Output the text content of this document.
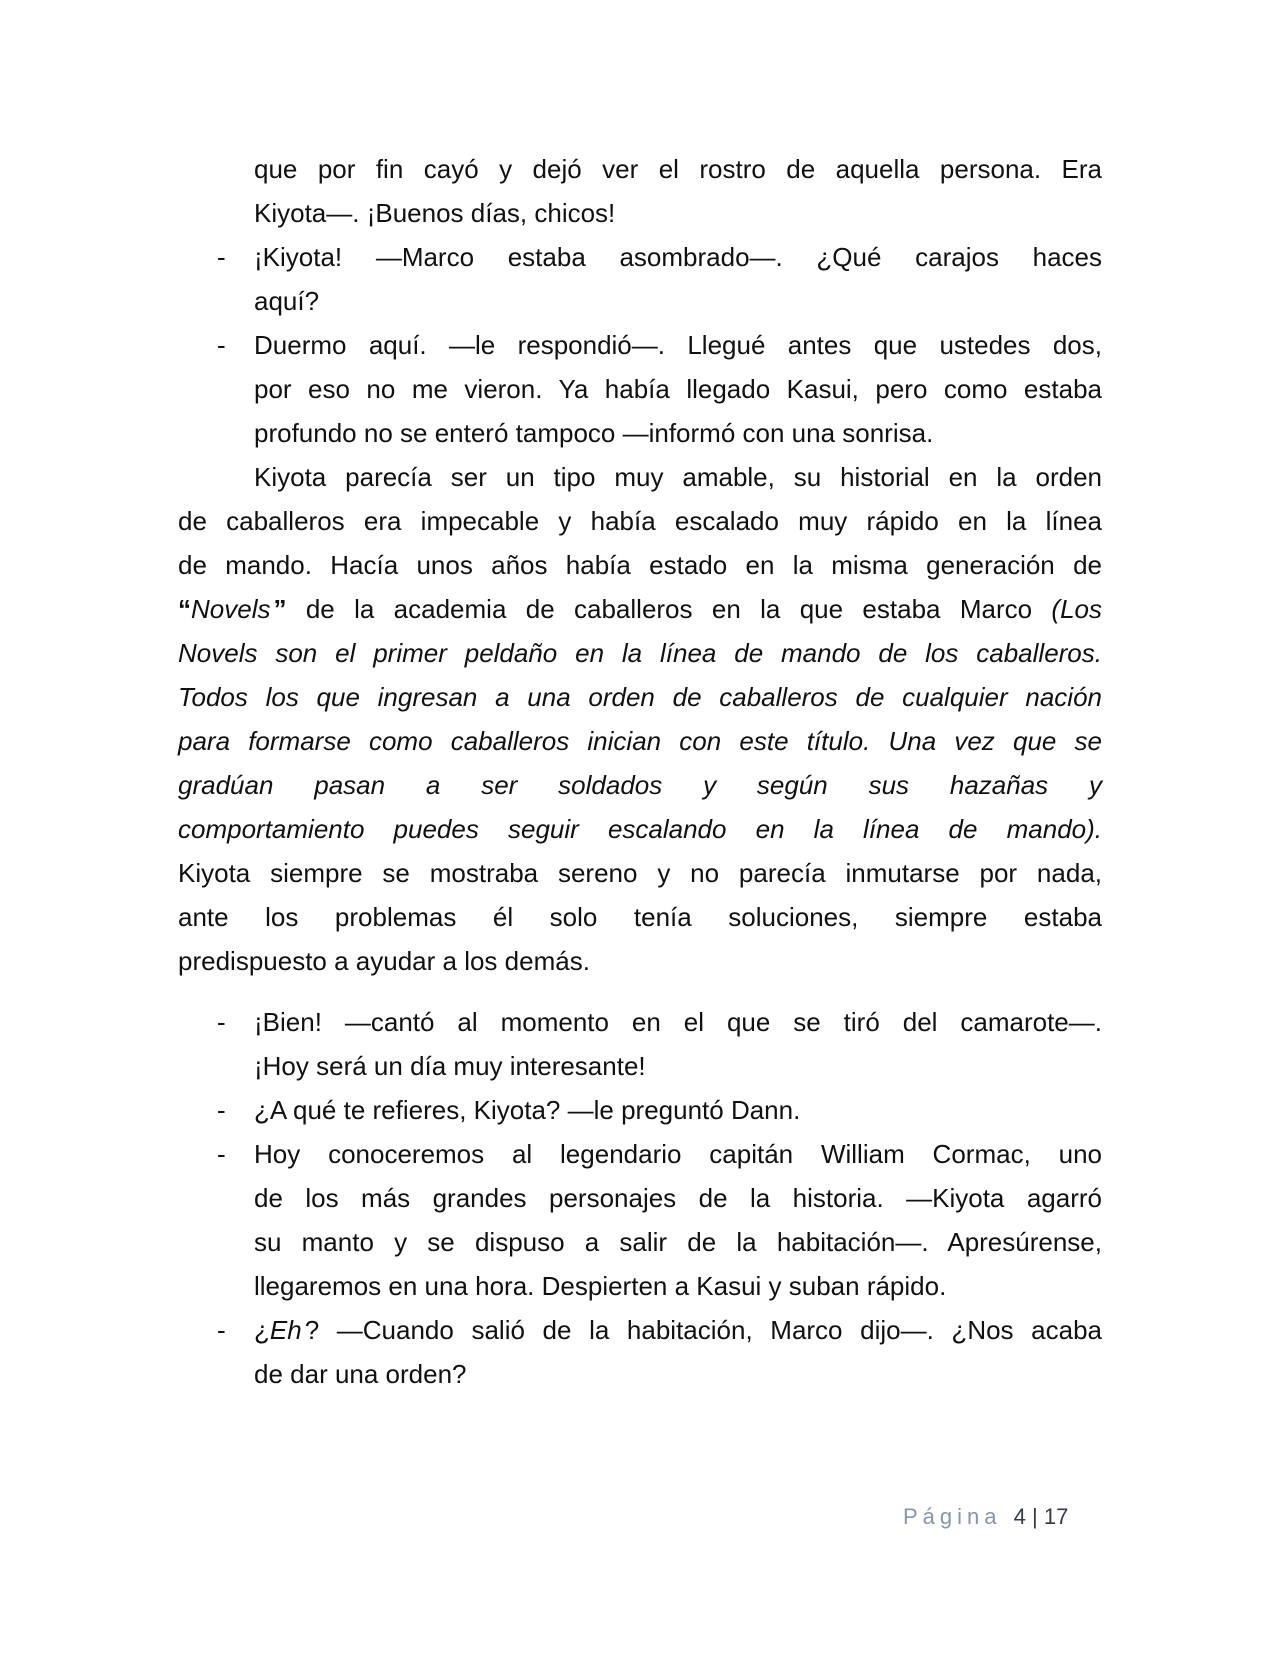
que por fin cayó y dejó ver el rostro de aquella persona. Era
Kiyota—. ¡Buenos días, chicos!
-	¡Kiyota! —Marco estaba asombrado—. ¿Qué carajos haces
aquí?
-	Duermo aquí. —le respondió—. Llegué antes que ustedes dos,
por eso no me vieron. Ya había llegado Kasui, pero como estaba
profundo no se enteró tampoco —informó con una sonrisa.
Kiyota parecía ser un tipo muy amable, su historial en la orden
de caballeros era impecable y había escalado muy rápido en la línea
de mando. Hacía unos años había estado en la misma generación de
“Novels ” de la academia de caballeros en la que estaba Marco (Los
Novels son el primer peldaño en la línea de mando de los caballeros.
Todos los que ingresan a una orden de caballeros de cualquier nación
para formarse como caballeros inician con este título. Una vez que se
gradúan pasan a ser soldados y según sus hazañas y
comportamiento puedes seguir escalando en la línea de mando).
Kiyota siempre se mostraba sereno y no parecía inmutarse por nada,
ante los problemas él solo tenía soluciones, siempre estaba
predispuesto a ayudar a los demás.
-	¡Bien! —cantó al momento en el que se tiró del camarote—.
¡Hoy será un día muy interesante!
-	¿A qué te refieres, Kiyota? —le preguntó Dann.
-	Hoy conoceremos al legendario capitán William Cormac, uno
de los más grandes personajes de la historia. —Kiyota agarró
su manto y se dispuso a salir de la habitación—. Apresúrense,
llegaremos en una hora. Despierten a Kasui y suban rápido.
-	¿Eh ? —Cuando salió de la habitación, Marco dijo—. ¿Nos acaba
de dar una orden?
Página 4 | 17
